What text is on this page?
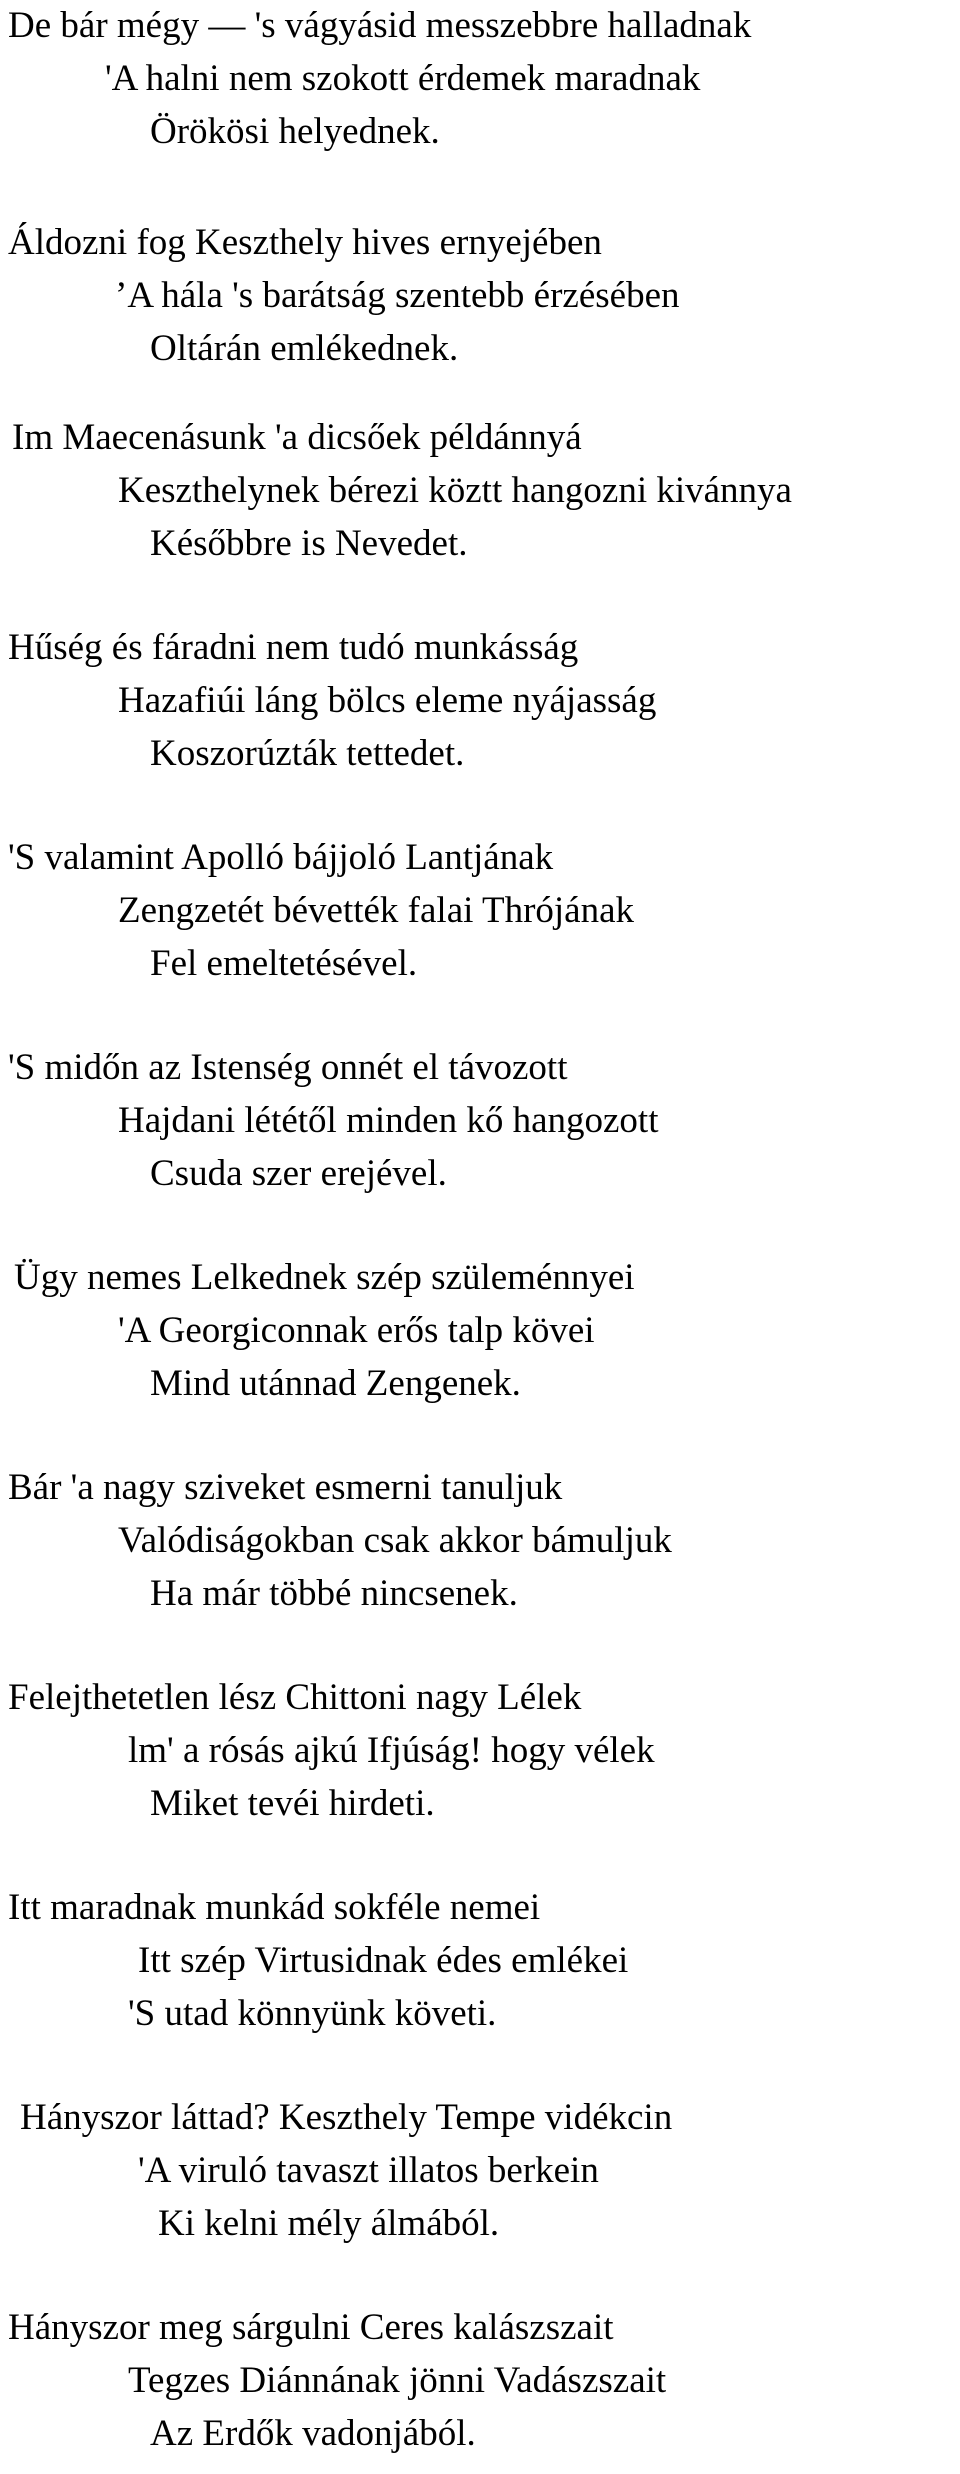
De bár mégy — 's vágyásid messzebbre halladnak
'A halni nem szokott érdemek maradnak
Örökösi helyednek.
Áldozni fog Keszthely hives ernyejében
’A hála 's barátság szentebb érzésében
Oltárán emlékednek.
Im Maecenásunk 'a dicsőek példánnyá
Keszthelynek bérezi köztt hangozni kivánnya
Későbbre is Nevedet.
Hűség és fáradni nem tudó munkásság
Hazafiúi láng bölcs eleme nyájasság
Koszorúzták tettedet.
'S valamint Apolló bájjoló Lantjának
Zengzetét bévették falai Thrójának
Fel emeltetésével.
'S midőn az Istenség onnét el távozott
Hajdani lététől minden kő hangozott
Csuda szer erejével.
Ügy nemes Lelkednek szép szüleménnyei
'A Georgiconnak erős talp kövei
Mind utánnad Zengenek.
Bár 'a nagy sziveket esmerni tanuljuk
Valódiságokban csak akkor bámuljuk
Ha már többé nincsenek.
Felejthetetlen lész Chittoni nagy Lélek
lm' a rósás ajkú Ifjúság! hogy vélek
Miket tevéi hirdeti.
Itt maradnak munkád sokféle nemei
Itt szép Virtusidnak édes emlékei
'S utad könnyünk követi.
Hányszor láttad? Keszthely Tempe vidékcin
'A viruló tavaszt illatos berkein
Ki kelni mély álmából.
Hányszor meg sárgulni Ceres kalászszait
Tegzes Diánnának jönni Vadászszait
Az Erdők vadonjából.
